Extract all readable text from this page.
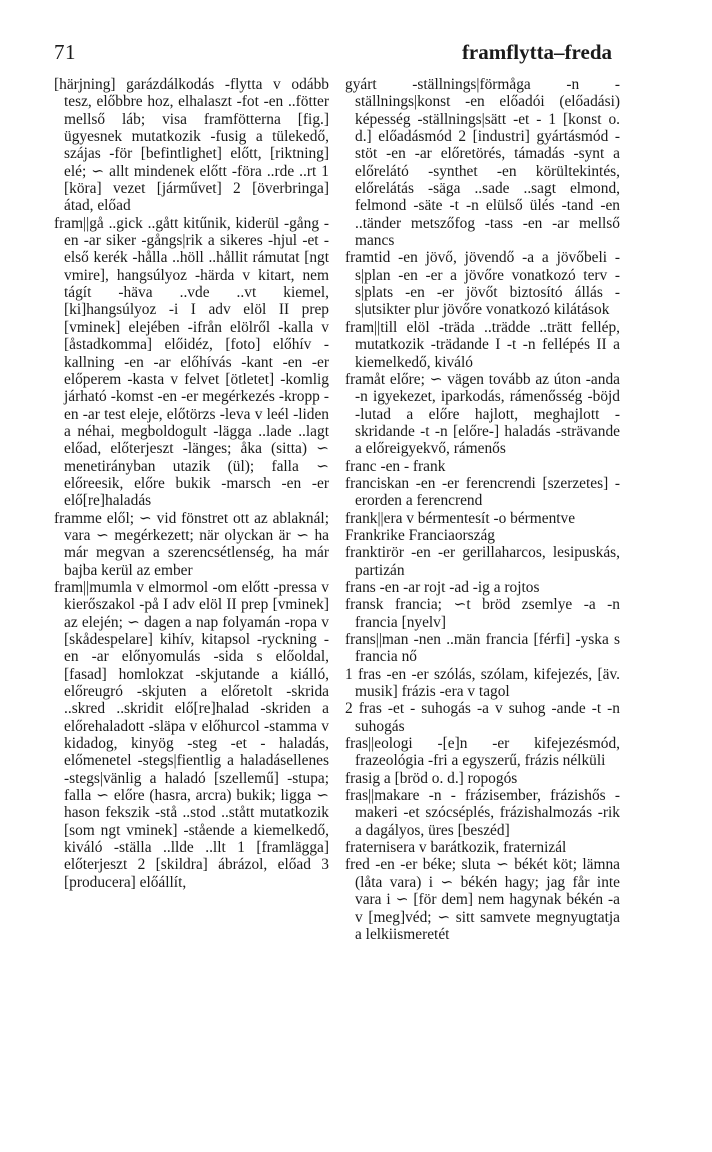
71	framflytta–freda

[härjning] garázdálkodás -flytta v odább tesz, előbbre hoz, elhalaszt -fot -en ..fötter mellső láb; visa framfötterna [fig.] ügyesnek mutatkozik -fusig a tülekedő, szájas -för [befintlighet] előtt, [riktning] elé; ∽ allt mindenek előtt -föra ..rde ..rt 1 [köra] vezet [járművet] 2 [överbringa] átad, előad

fram||gå ..gick ..gått kitűnik, kiderül -gång -en -ar siker -gångs|rik a sikeres -hjul -et - első kerék -hålla ..höll ..hållit rámutat [ngt vmire], hangsúlyoz -härda v kitart, nem tágít -häva ..vde ..vt kiemel, [ki]hangsúlyoz -i I adv elöl II prep [vminek] elejében -ifrån elölről -kalla v [åstadkomma] előidéz, [foto] előhív -kallning -en -ar előhívás -kant -en -er előperem -kasta v felvet [ötletet] -komlig járható -komst -en -er megérkezés -kropp -en -ar test eleje, előtörzs -leva v leél -liden a néhai, megboldogult -lägga ..lade ..lagt előad, előterjeszt -länges; åka (sitta) ∽ menetirányban utazik (ül); falla ∽ előreesik, előre bukik -marsch -en -er elő[re]haladás

framme elől; ∽ vid fönstret ott az ablaknál; vara ∽ megérkezett; när olyckan är ∽ ha már megvan a szerencsétlenség, ha már bajba kerül az ember

fram||mumla v elmormol -om előtt -pressa v kierőszakol -på I adv elöl II prep [vminek] az elején; ∽ dagen a nap folyamán -ropa v [skådespelare] kihív, kitapsol -ryckning -en -ar előnyomulás -sida s előoldal, [fasad] homlokzat -skjutande a kiálló, előreugró -skjuten a előretolt -skrida ..skred ..skridit elő[re]halad -skriden a előrehaladott -släpa v előhurcol -stamma v kidadog, kinyög -steg -et - haladás, előmenetel -stegs|fientlig a haladásellenes -stegs|vänlig a haladó [szellemű] -stupa; falla ∽ előre (hasra, arcra) bukik; ligga ∽ hason fekszik -stå ..stod ..stått mutatkozik [som ngt vminek] -stående a kiemelkedő, kiváló -ställa ..llde ..llt 1 [framlägga] előterjeszt 2 [skildra] ábrázol, előad 3 [producera] előállít,

gyárt -ställnings|förmåga -n -ställnings|konst -en előadói (előadási) képesség -ställnings|sätt -et - 1 [konst o. d.] előadásmód 2 [industri] gyártásmód -stöt -en -ar előretörés, támadás -synt a előrelátó -synthet -en körültekintés, előrelátás -säga ..sade ..sagt elmond, felmond -säte -t -n elülső ülés -tand -en ..tänder metszőfog -tass -en -ar mellső mancs

framtid -en jövő, jövendő -a a jövőbeli -s|plan -en -er a jövőre vonatkozó terv -s|plats -en -er jövőt biztosító állás -s|utsikter plur jövőre vonatkozó kilátások

fram||till elöl -träda ..trädde ..trätt fellép, mutatkozik -trädande I -t -n fellépés II a kiemelkedő, kiváló

framåt előre; ∽ vägen tovább az úton -anda -n igyekezet, iparkodás, rámenősség -böjd -lutad a előre hajlott, meghajlott -skridande -t -n [előre-] haladás -strävande a előreigyekvő, rámenős

franc -en - frank

franciskan -en -er ferencrendi [szerzetes] -erorden a ferencrend

frank||era v bérmentesít -o bérmentve

Frankrike Franciaország

franktirör -en -er gerillaharcos, lesipuskás, partizán

frans -en -ar rojt -ad -ig a rojtos

fransk francia; ∽t bröd zsemlye -a -n francia [nyelv]

frans||man -nen ..män francia [férfi] -yska s francia nő

1 fras -en -er szólás, szólam, kifejezés, [äv. musik] frázis -era v tagol

2 fras -et - suhogás -a v suhog -ande -t -n suhogás

fras||eologi -[e]n -er kifejezésmód, frazeológia -fri a egyszerű, frázis nélküli

frasig a [bröd o. d.] ropogós

fras||makare -n - frázisember, frázishős -makeri -et szócséplés, frázishalmozás -rik a dagályos, üres [beszéd]

fraternisera v barátkozik, fraternizál

fred -en -er béke; sluta ∽ békét köt; lämna (låta vara) i ∽ békén hagy; jag får inte vara i ∽ [för dem] nem hagynak békén -a v [meg]véd; ∽ sitt samvete megnyugtatja a lelkiismeretét
